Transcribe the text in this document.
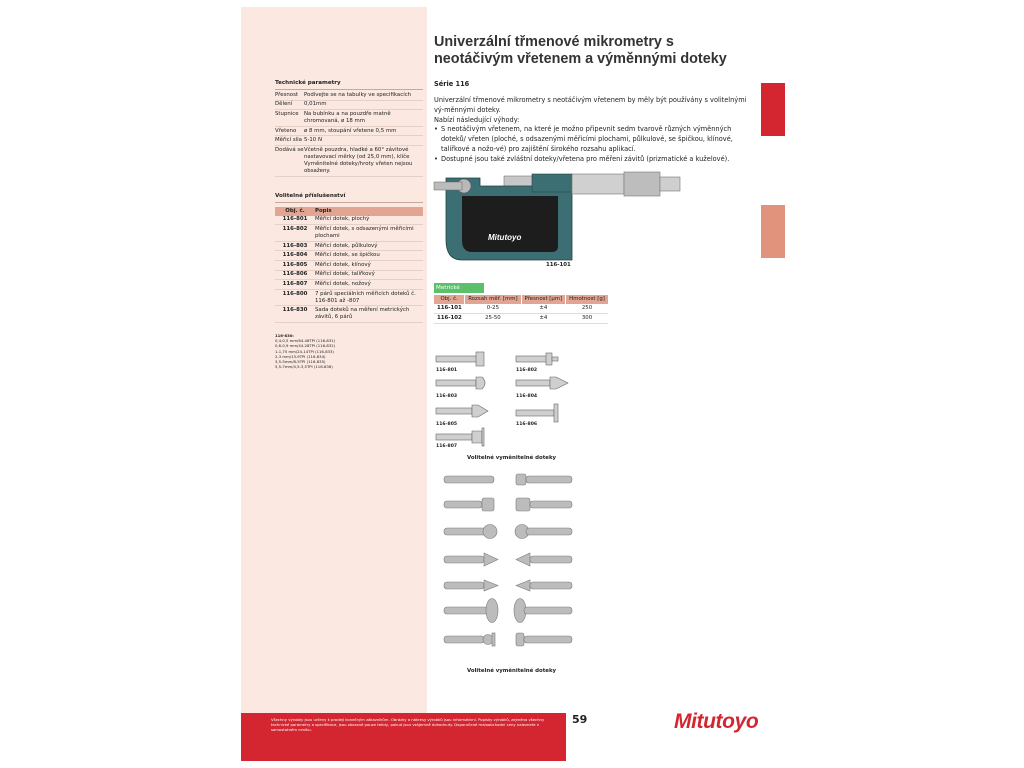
Technické parametry
Přesnost	Podívejte se na tabulky ve specifikacích
Dělení	0,01mm
Stupnice	Na bubínku a na pouzdře matně chromovaná, ø 18 mm
Vřeteno	ø 8 mm, stoupání vřetene 0,5 mm
Měřicí síla 5-10 N
Dodává se Včetně pouzdra, hladké a 60° závitové nastavovací měrky (od 25,0 mm), klíče Vyměnitelné doteky/hroty vřeten nejsou obsaženy.
Volitelné příslušenství
Obj. č.	Popis
116-801	Měřicí dotek, plochý
116-802	Měřicí dotek, s odsazenými měřicími plochami
116-803	Měřicí dotek, půlkulový
116-804	Měřicí dotek, se špičkou
116-805	Měřicí dotek, klínový
116-806	Měřicí dotek, talířkový
116-807	Měřicí dotek, nožový
116-800	7 párů speciálních měřicích doteků č. 116-801 až -807
116-830	Sada doteků na měření metrických závitů, 6 párů
116-830:
0,4-0,5 mm/64-48TPI (116-831)
0,6-0,9 mm/44-28TPI (116-832)
1-1,75 mm/24-14TPI (116-833)
2-3 mm/13-9TPI (116-834)
3,5-5mm/8-5TPI (116-835)
5,5-7mm/4,5-3,5TPI (116-836)
Univerzální třmenové mikrometry s neotáčivým vřetenem a výměnnými doteky
Série 116
Univerzální třmenové mikrometry s neotáčivým vřetenem by měly být používány s volitelnými vý-měnnými doteky.
Nabízí následující výhody:
• S neotáčivým vřetenem, na které je možno připevnit sedm tvarově různých výměnných doteků/ vřeten (ploché, s odsazenými měřicími plochami, půlkulové, se špičkou, klínové, talířkové a nožo-vé) pro zajištění širokého rozsahu aplikací.
• Dostupné jsou také zvláštní doteky/vřetena pro měření závitů (prizmatické a kuželové).
Mitutoyo
116-101
Metrické
Obj. č.	Rozsah měř. [mm]	Přesnost [µm]	Hmotnost [g]
116-101	0-25	±4	250
116-102	25-50	±4	300
116-801	116-802
116-803	116-804
116-805	116-806
116-807
Volitelné vyměnitelné doteky
Volitelné vyměnitelné doteky
Všechny výrobky jsou určeny k prodeji konečným zákazníkům. Obrázky a nákresy výrobků jsou informativní. Popisky výrobků, zejména všechny technické parametry a specifikace, jsou závazné pouze tehdy, pokud jsou vzájemně dohodnuty. Doporučené maloobchodní ceny naleznete v samostatném ceníku.
59	Mitutoyo
